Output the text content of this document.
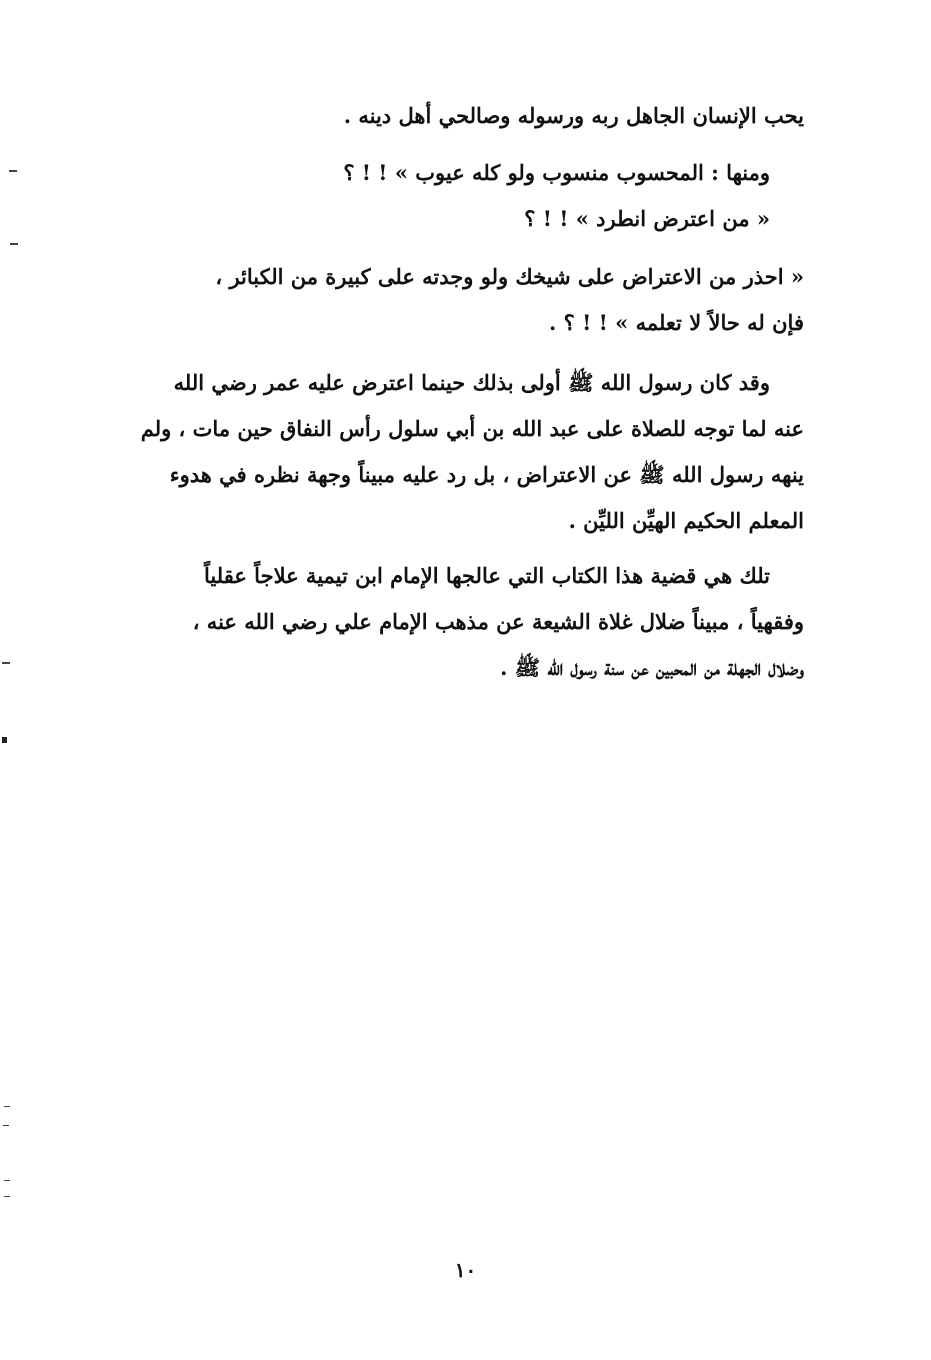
يحب الإنسان الجاهل ربه ورسوله وصالحي أهل دينه .
ومنها : المحسوب منسوب ولو كله عيوب » ! ! ؟
« من اعترض انطرد » ! ! ؟
« احذر من الاعتراض على شيخك ولو وجدته على كبيرة من الكبائر ،
فإن له حالاً لا تعلمه » ! ! ؟ .
وقد كان رسول الله ﷺ أولى بذلك حينما اعترض عليه عمر رضي الله
عنه لما توجه للصلاة على عبد الله بن أبي سلول رأس النفاق حين مات ، ولم
ينهه رسول الله ﷺ عن الاعتراض ، بل رد عليه مبيناً وجهة نظره في هدوء
المعلم الحكيم الهيِّن الليِّن .
تلك هي قضية هذا الكتاب التي عالجها الإمام ابن تيمية علاجاً عقلياً
وفقهياً ، مبيناً ضلال غلاة الشيعة عن مذهب الإمام علي رضي الله عنه ،
وضلال الجهلة من المحبين عن سنة رسول الله ﷺ .
١٠
